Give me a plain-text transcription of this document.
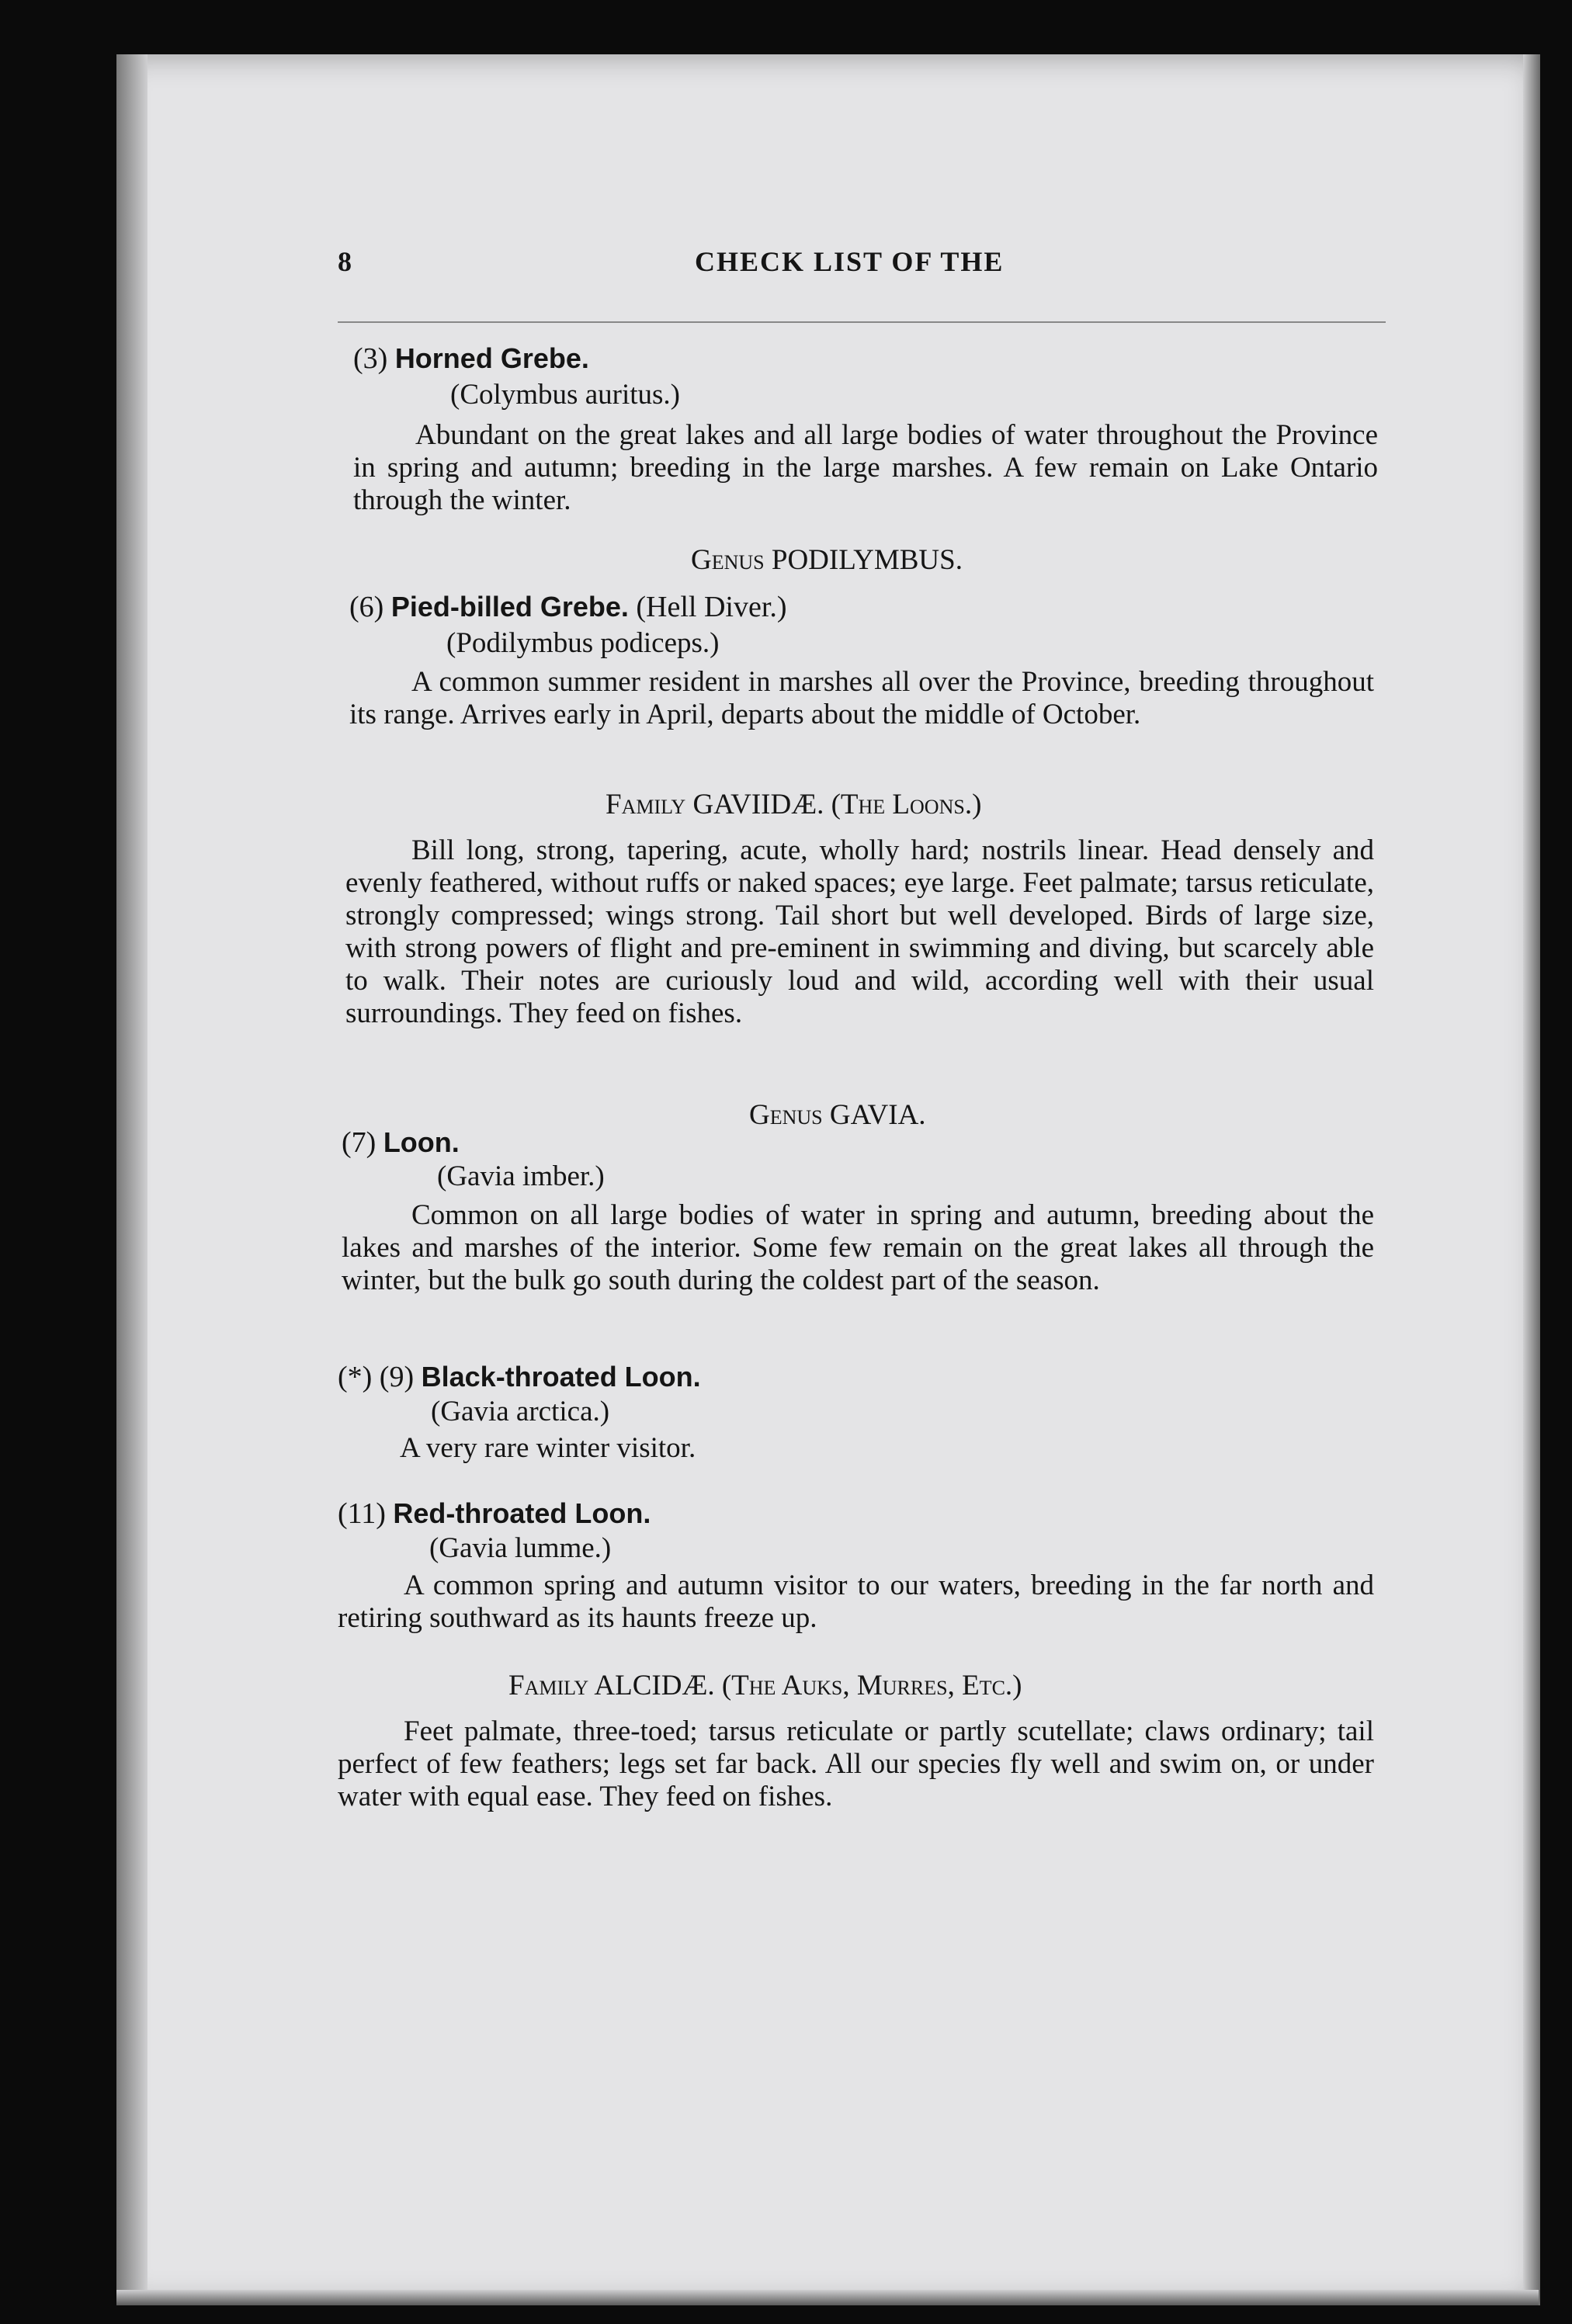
8	CHECK LIST OF THE
(3) Horned Grebe.
(Colymbus auritus.)
Abundant on the great lakes and all large bodies of water throughout the Province in spring and autumn; breeding in the large marshes. A few remain on Lake Ontario through the winter.
Genus PODILYMBUS.
(6) Pied-billed Grebe. (Hell Diver.)
(Podilymbus podiceps.)
A common summer resident in marshes all over the Province, breeding throughout its range. Arrives early in April, departs about the middle of October.
Family GAVIIDÆ. (The Loons.)
Bill long, strong, tapering, acute, wholly hard; nostrils linear. Head densely and evenly feathered, without ruffs or naked spaces; eye large. Feet palmate; tarsus reticulate, strongly compressed; wings strong. Tail short but well developed. Birds of large size, with strong powers of flight and pre-eminent in swimming and diving, but scarcely able to walk. Their notes are curiously loud and wild, according well with their usual surroundings. They feed on fishes.
Genus GAVIA.
(7) Loon.
(Gavia imber.)
Common on all large bodies of water in spring and autumn, breeding about the lakes and marshes of the interior. Some few remain on the great lakes all through the winter, but the bulk go south during the coldest part of the season.
(*) (9) Black-throated Loon.
(Gavia arctica.)
A very rare winter visitor.
(11) Red-throated Loon.
(Gavia lumme.)
A common spring and autumn visitor to our waters, breeding in the far north and retiring southward as its haunts freeze up.
Family ALCIDÆ. (The Auks, Murres, Etc.)
Feet palmate, three-toed; tarsus reticulate or partly scutellate; claws ordinary; tail perfect of few feathers; legs set far back. All our species fly well and swim on, or under water with equal ease. They feed on fishes.
